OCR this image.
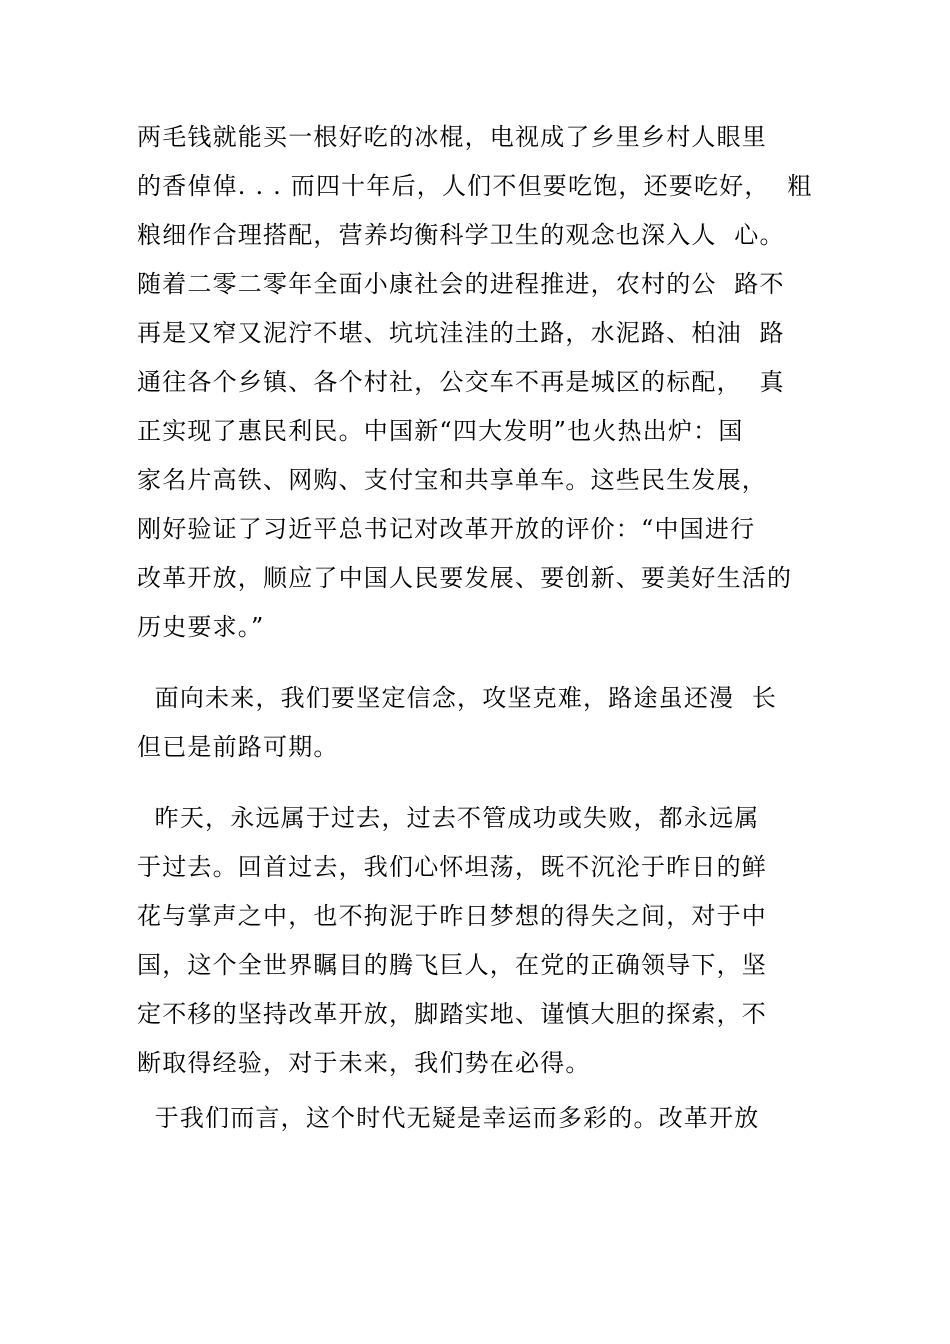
两毛钱就能买一根好吃的冰棍，电视成了乡里乡村人眼里
的香倬倬. . . 而四十年后，人们不但要吃饱，还要吃好，  粗
粮细作合理搭配，营养均衡科学卫生的观念也深入人  心。
随着二零二零年全面小康社会的进程推进，农村的公  路不
再是又窄又泥泞不堪、坑坑洼洼的土路，水泥路、柏油  路
通往各个乡镇、各个村社，公交车不再是城区的标配，  真
正实现了惠民利民。中国新“四大发明”也火热出炉：国
家名片高铁、网购、支付宝和共享单车。这些民生发展，
刚好验证了习近平总书记对改革开放的评价：“中国进行
改革开放，顺应了中国人民要发展、要创新、要美好生活的
历史要求。”
面向未来，我们要坚定信念，攻坚克难，路途虽还漫  长
但已是前路可期。
昨天，永远属于过去，过去不管成功或失败，都永远属
于过去。回首过去，我们心怀坦荡，既不沉沦于昨日的鲜
花与掌声之中，也不拘泥于昨日梦想的得失之间，对于中
国，这个全世界瞩目的腾飞巨人，在党的正确领导下，坚
定不移的坚持改革开放，脚踏实地、谨慎大胆的探索，不
断取得经验，对于未来，我们势在必得。
于我们而言，这个时代无疑是幸运而多彩的。改革开放
